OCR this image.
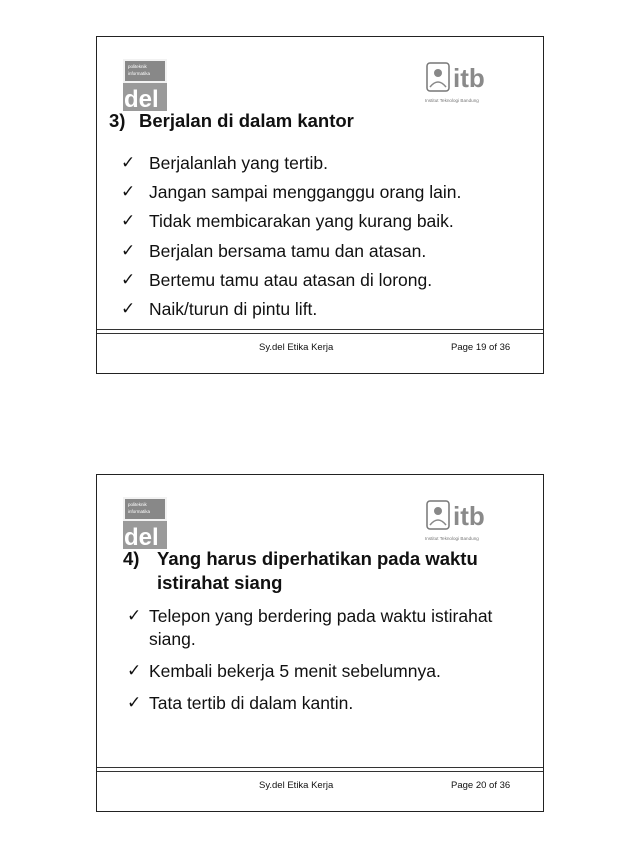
politeknik
informatika
del
itb
Institut Teknologi Bandung
3) Berjalan di dalam kantor
✓ Berjalanlah yang tertib.
✓ Jangan sampai mengganggu orang lain.
✓ Tidak membicarakan yang kurang baik.
✓ Berjalan bersama tamu dan atasan.
✓ Bertemu tamu atau atasan di lorong.
✓ Naik/turun di pintu lift.
Sy.del Etika Kerja	Page 19 of 36
politeknik
informatika
del
itb
Institut Teknologi Bandung
4) Yang harus diperhatikan pada waktu
istirahat siang
✓ Telepon yang berdering pada waktu istirahat siang.
✓ Kembali bekerja 5 menit sebelumnya.
✓ Tata tertib di dalam kantin.
Sy.del Etika Kerja	Page 20 of 36
